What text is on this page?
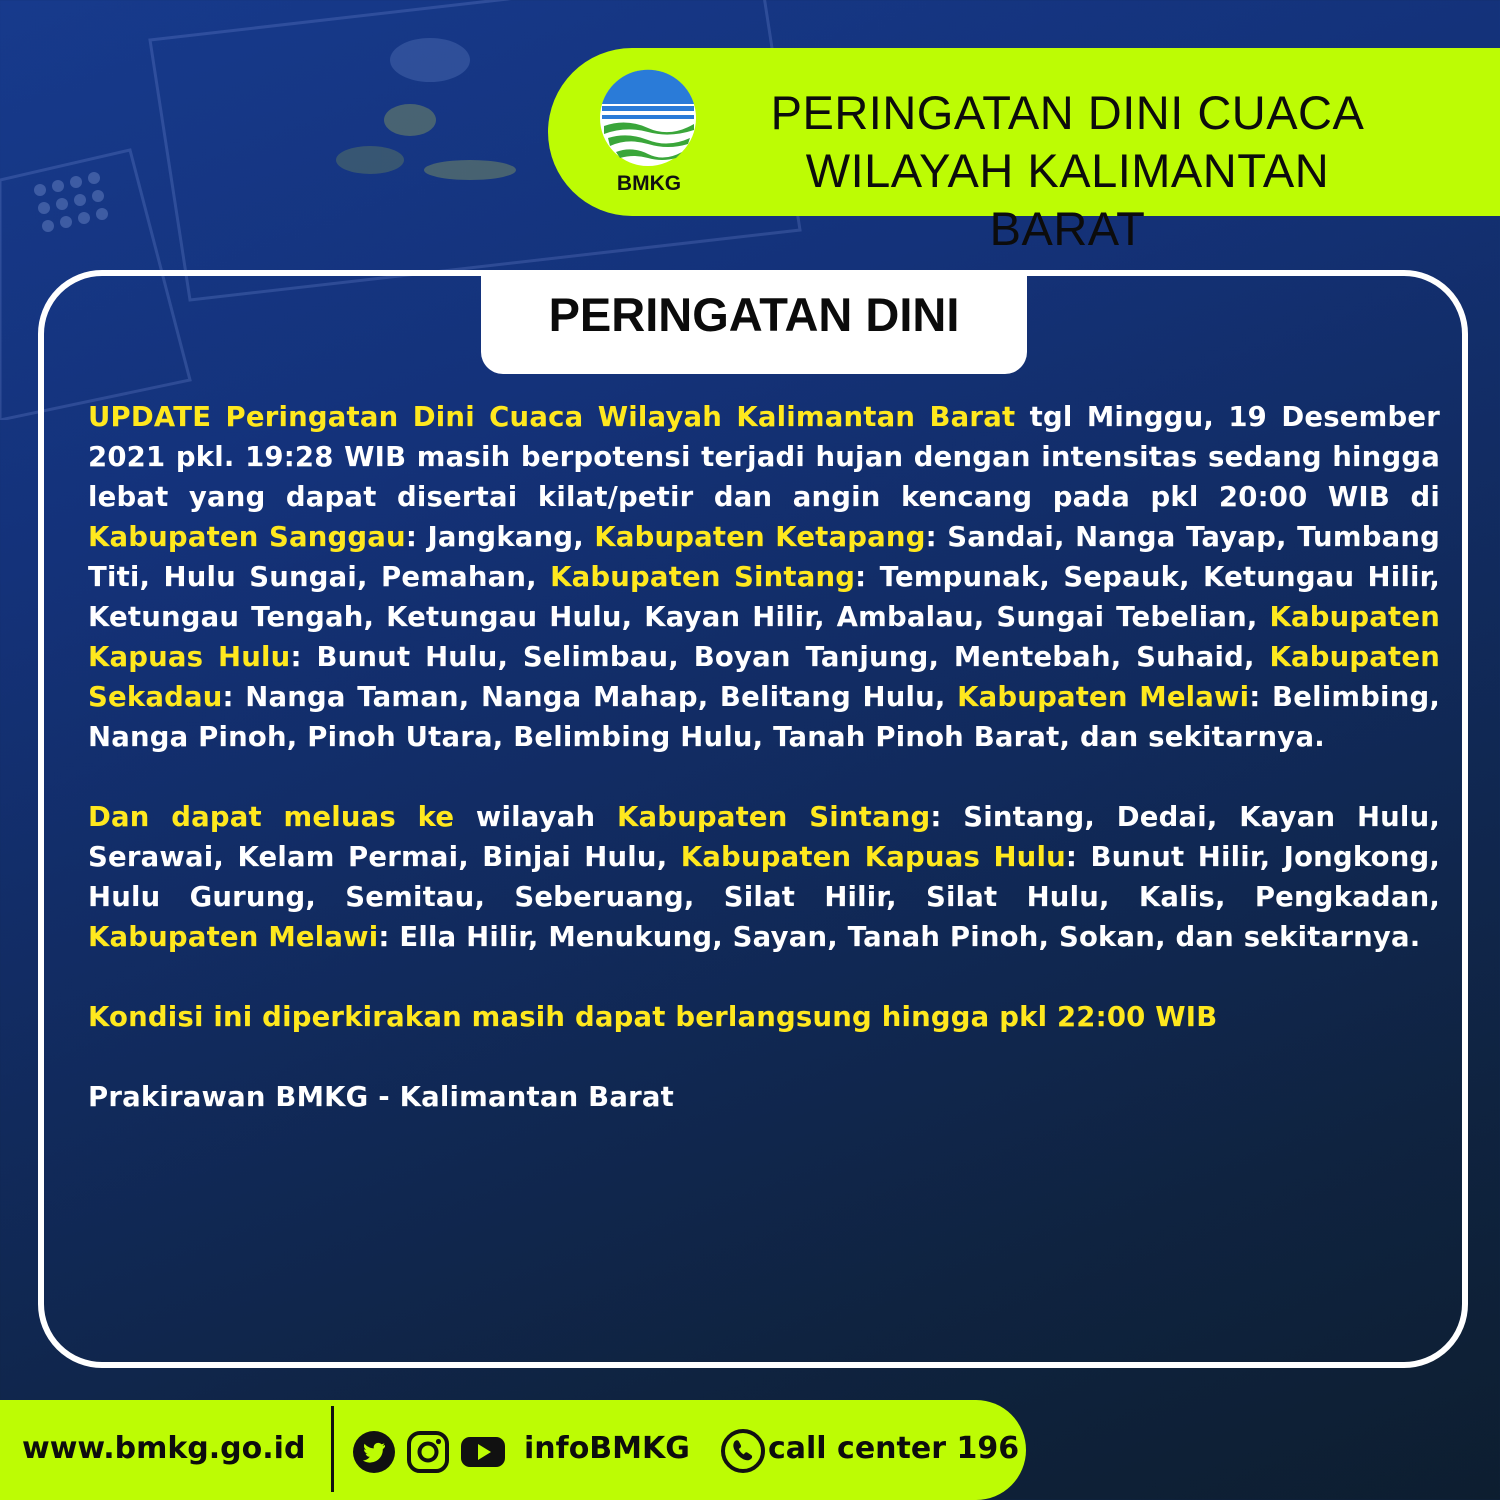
BMKG
PERINGATAN DINI CUACA
WILAYAH KALIMANTAN BARAT
PERINGATAN DINI

UPDATE Peringatan Dini Cuaca Wilayah Kalimantan Barat tgl Minggu, 19 Desember 2021 pkl. 19:28 WIB masih berpotensi terjadi hujan dengan intensitas sedang hingga lebat yang dapat disertai kilat/petir dan angin kencang pada pkl 20:00 WIB di Kabupaten Sanggau: Jangkang, Kabupaten Ketapang: Sandai, Nanga Tayap, Tumbang Titi, Hulu Sungai, Pemahan, Kabupaten Sintang: Tempunak, Sepauk, Ketungau Hilir, Ketungau Tengah, Ketungau Hulu, Kayan Hilir, Ambalau, Sungai Tebelian, Kabupaten Kapuas Hulu: Bunut Hulu, Selimbau, Boyan Tanjung, Mentebah, Suhaid, Kabupaten Sekadau: Nanga Taman, Nanga Mahap, Belitang Hulu, Kabupaten Melawi: Belimbing, Nanga Pinoh, Pinoh Utara, Belimbing Hulu, Tanah Pinoh Barat, dan sekitarnya.

Dan dapat meluas ke wilayah Kabupaten Sintang: Sintang, Dedai, Kayan Hulu, Serawai, Kelam Permai, Binjai Hulu, Kabupaten Kapuas Hulu: Bunut Hilir, Jongkong, Hulu Gurung, Semitau, Seberuang, Silat Hilir, Silat Hulu, Kalis, Pengkadan, Kabupaten Melawi: Ella Hilir, Menukung, Sayan, Tanah Pinoh, Sokan, dan sekitarnya.

Kondisi ini diperkirakan masih dapat berlangsung hingga pkl 22:00 WIB

Prakirawan BMKG - Kalimantan Barat

www.bmkg.go.id	infoBMKG	call center 196
